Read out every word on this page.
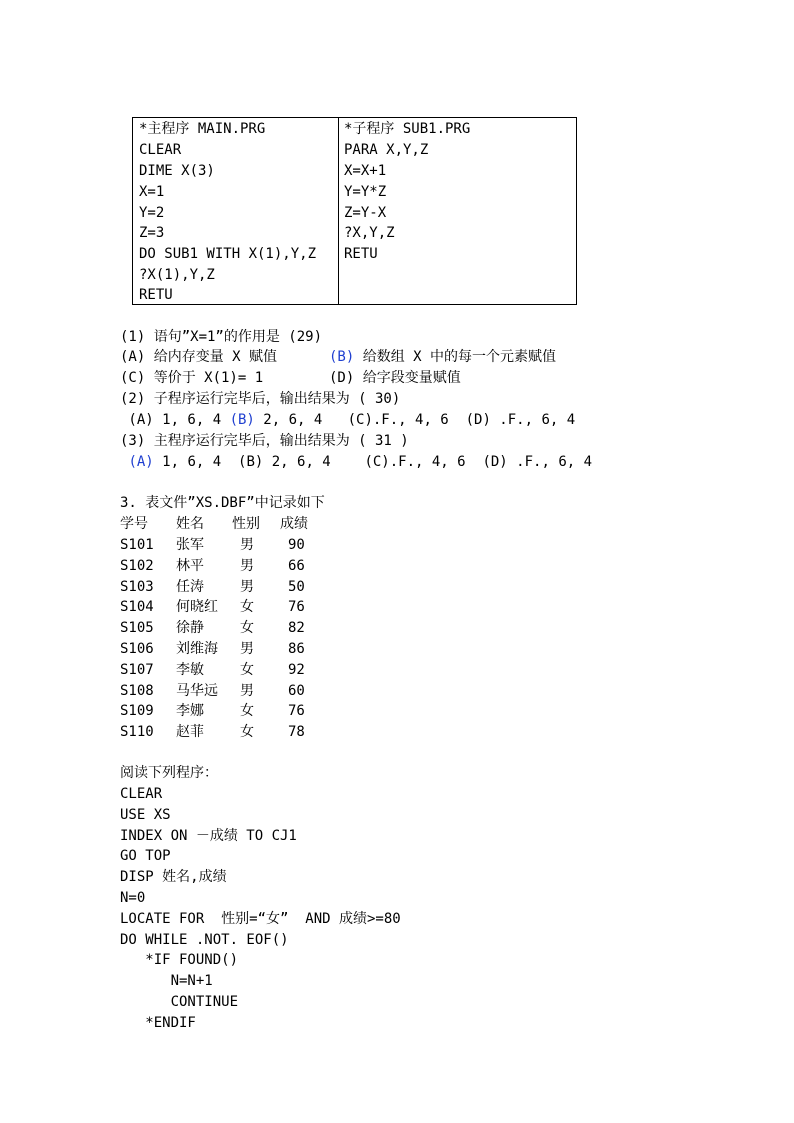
*主程序 MAIN.PRG
CLEAR
DIME X(3)
X=1
Y=2
Z=3
DO SUB1 WITH X(1),Y,Z
?X(1),Y,Z
RETU
*子程序 SUB1.PRG
PARA X,Y,Z
X=X+1
Y=Y*Z
Z=Y-X
?X,Y,Z
RETU
(1) 语句”X=1”的作用是 (29)
(A) 给内存变量 X 赋值	(B) 给数组 X 中的每一个元素赋值
(C) 等价于 X(1)= 1	(D) 给字段变量赋值
(2) 子程序运行完毕后，输出结果为 ( 30)
(A) 1, 6, 4 (B) 2, 6, 4   (C).F., 4, 6  (D) .F., 6, 4
(3) 主程序运行完毕后，输出结果为 ( 31 )
(A) 1, 6, 4  (B) 2, 6, 4    (C).F., 4, 6  (D) .F., 6, 4
3. 表文件”XS.DBF”中记录如下
学号 姓名 性别 成绩
S101 张军	男 90
S102 林平	男 66
S103 任涛	男 50
S104 何晓红 女 76
S105 徐静	女 82
S106 刘维海 男 86
S107 李敏	女 92
S108 马华远 男 60
S109 李娜	女 76
S110 赵菲	女 78
阅读下列程序：
CLEAR
USE XS
INDEX ON －成绩 TO CJ1
GO TOP
DISP 姓名,成绩
N=0
LOCATE FOR  性别=“女”  AND 成绩>=80
DO WHILE .NOT. EOF()
*IF FOUND()
N=N+1
CONTINUE
*ENDIF
